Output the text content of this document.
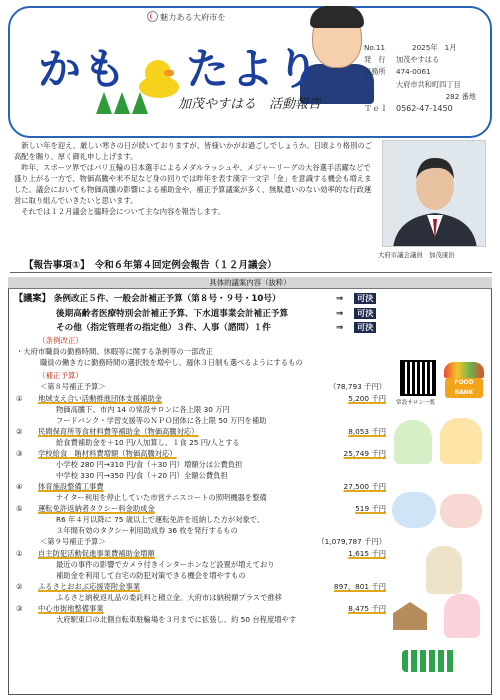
魅力ある大府市を
かも たより
加茂やすはる　活動報告
No.11	2025年　1月
発　行	加茂やすはる
事務所	474-0061
大府市共和町四丁目
282 番地
Ｔｅｌ	0562-47-1450

新しい年を迎え、厳しい寒さの日が続いておりますが、皆様いかがお過ごしでしょうか。日頃より格別のご高配を賜り、厚く御礼申し上げます。

昨年、スポーツ界ではパリ五輪の日本選手によるメダルラッシュや、メジャーリーグの大谷選手活躍などで盛り上がる一方で、物価高騰や米不足など身の回りでは昨年を表す漢字一文字「金」を意識する機会も増えました。議会においても物価高騰の影響による補助金や、補正予算議案が多く、無駄遣いのない効率的な行政運営に取り組んでいきたいと思います。

それでは１２月議会と臨時会について主な内容を報告します。

大府市議会議員　加茂康治
【報告事項①】　令和６年第４回定例会報告（１２月議会）
具体的議案内容（抜粋）
【議案】 条例改正５件、一般会計補正予算（第８号・９号・10号）	⇒	可決
後期高齢者医療特別会計補正予算、下水道事業会計補正予算	⇒	可決
その他（指定管理者の指定他）３件、人事（諮問）１件	⇒	可決
（条例改正）
・大府市職員の勤務時間、休暇等に関する条例等の一部改正
職員の働き方に勤務時間の選択肢を増やし、週休３日制も選べるようにするもの
（補正予算）
＜第８号補正予算＞	（78,793 千円）
① 地域支え合い活動推進団体支援補助金	5,200 千円
物価高騰下、市内 14 の常設サロンに各上限 30 万円
フードバンク・学習支援等のＮＰＯ団体に各上限 50 万円を補助
② 民間保育所等食材料費等補助金（物価高騰対応）	8,053 千円
給食費補助金を＋10 円/人加算し、１食 25 円/人とする
③ 学校給食　賄材料費増額（物価高騰対応）	25,749 千円
小学校 280 円→310 円/食（＋30 円）増額分は公費負担
中学校 330 円→350 円/食（＋20 円）全額公費負担
④ 体育施設整備工事費	27,500 千円
ナイター利用を停止していた市営テニスコートの照明機器を整備
⑤ 運転免許返納者タクシー料金助成金	519 千円
R6 年４月以降に 75 歳以上で運転免許を返納した方が対象で、
３年間有効のタクシー利用助成券 36 枚を発行するもの
＜第９号補正予算＞	（1,079,787 千円）
① 自主防犯活動促進事業費補助金増額	1,615 千円
最近の事件の影響でカメラ付きインターホンなど設置が増えており
補助金を利用して自宅の防犯対策できる機会を増やすもの
② ふるさとおおぶ応援寄附金事業	897，801 千円
ふるさと納税返礼品の委託料と積立金。大府市は納税額プラスで推移
③ 中心市街地整備事業	8,475 千円
大府駅東口の北側自転車駐輪場を３月までに拡張し、約 50 台程度増やす
常設サロン一覧
FOOD BANK
